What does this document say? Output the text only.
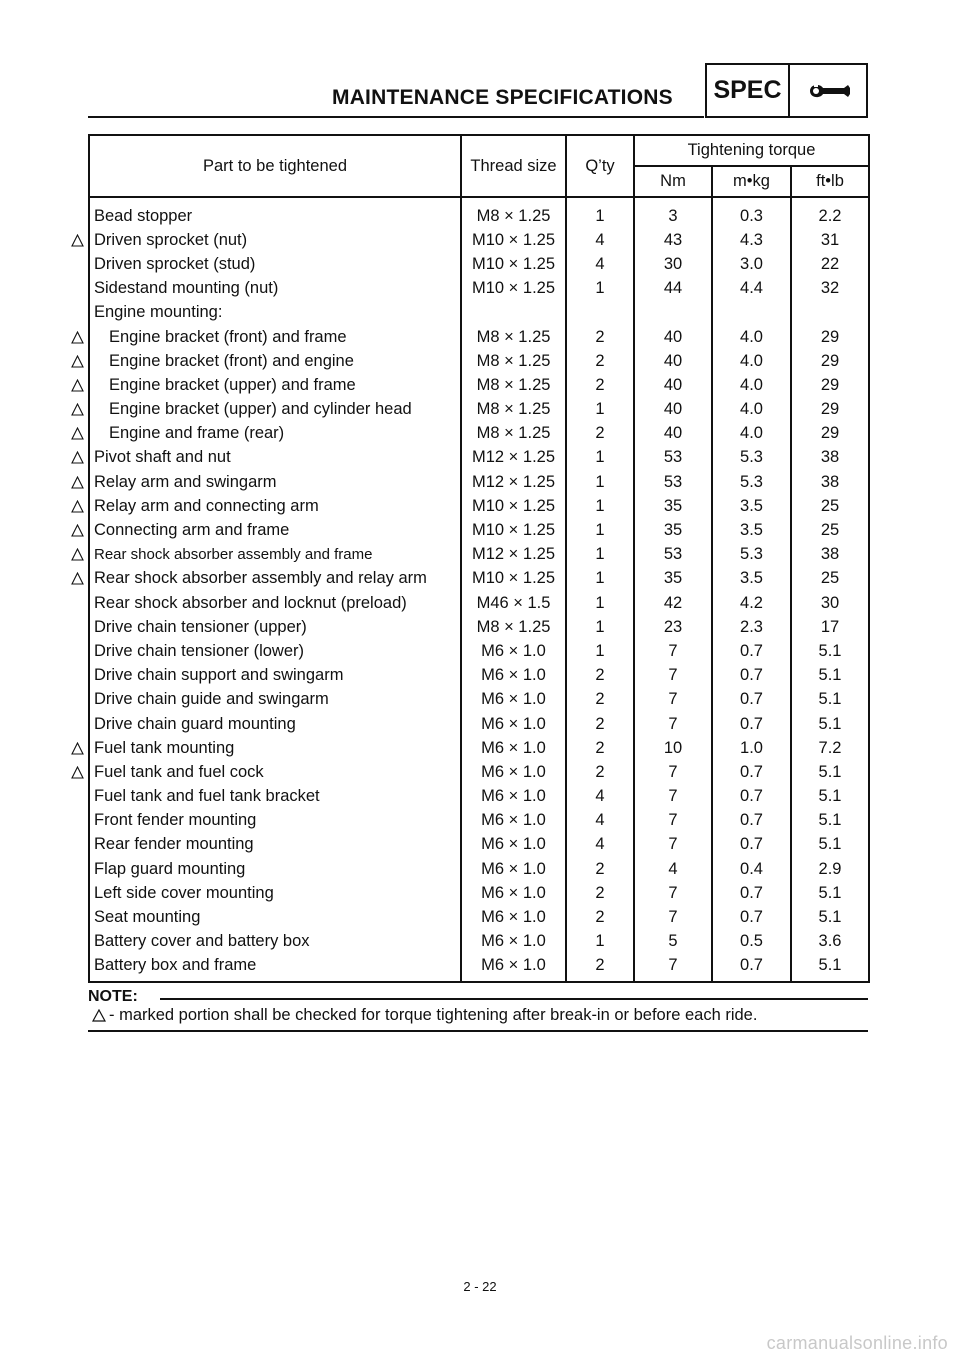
MAINTENANCE SPECIFICATIONS	SPEC
Part to be tightened	Thread size	Q’ty	Tightening torque		
			Nm	m•kg	ft•lb
Bead stopper	M8 × 1.25	1	3	0.3	2.2
Driven sprocket (nut)	M10 × 1.25	4	43	4.3	31
Driven sprocket (stud)	M10 × 1.25	4	30	3.0	22
Sidestand mounting (nut)	M10 × 1.25	1	44	4.4	32
Engine mounting:					
Engine bracket (front) and frame	M8 × 1.25	2	40	4.0	29
Engine bracket (front) and engine	M8 × 1.25	2	40	4.0	29
Engine bracket (upper) and frame	M8 × 1.25	2	40	4.0	29
Engine bracket (upper) and cylinder head	M8 × 1.25	1	40	4.0	29
Engine and frame (rear)	M8 × 1.25	2	40	4.0	29
Pivot shaft and nut	M12 × 1.25	1	53	5.3	38
Relay arm and swingarm	M12 × 1.25	1	53	5.3	38
Relay arm and connecting arm	M10 × 1.25	1	35	3.5	25
Connecting arm and frame	M10 × 1.25	1	35	3.5	25
Rear shock absorber assembly and frame	M12 × 1.25	1	53	5.3	38
Rear shock absorber assembly and relay arm	M10 × 1.25	1	35	3.5	25
Rear shock absorber and locknut (preload)	M46 × 1.5	1	42	4.2	30
Drive chain tensioner (upper)	M8 × 1.25	1	23	2.3	17
Drive chain tensioner (lower)	M6 × 1.0	1	7	0.7	5.1
Drive chain support and swingarm	M6 × 1.0	2	7	0.7	5.1
Drive chain guide and swingarm	M6 × 1.0	2	7	0.7	5.1
Drive chain guard mounting	M6 × 1.0	2	7	0.7	5.1
Fuel tank mounting	M6 × 1.0	2	10	1.0	7.2
Fuel tank and fuel cock	M6 × 1.0	2	7	0.7	5.1
Fuel tank and fuel tank bracket	M6 × 1.0	4	7	0.7	5.1
Front fender mounting	M6 × 1.0	4	7	0.7	5.1
Rear fender mounting	M6 × 1.0	4	7	0.7	5.1
Flap guard mounting	M6 × 1.0	2	4	0.4	2.9
Left side cover mounting	M6 × 1.0	2	7	0.7	5.1
Seat mounting	M6 × 1.0	2	7	0.7	5.1
Battery cover and battery box	M6 × 1.0	1	5	0.5	3.6
Battery box and frame	M6 × 1.0	2	7	0.7	5.1
NOTE:
- marked portion shall be checked for torque tightening after break-in or before each ride.
2 - 22
carmanualsonline.info
